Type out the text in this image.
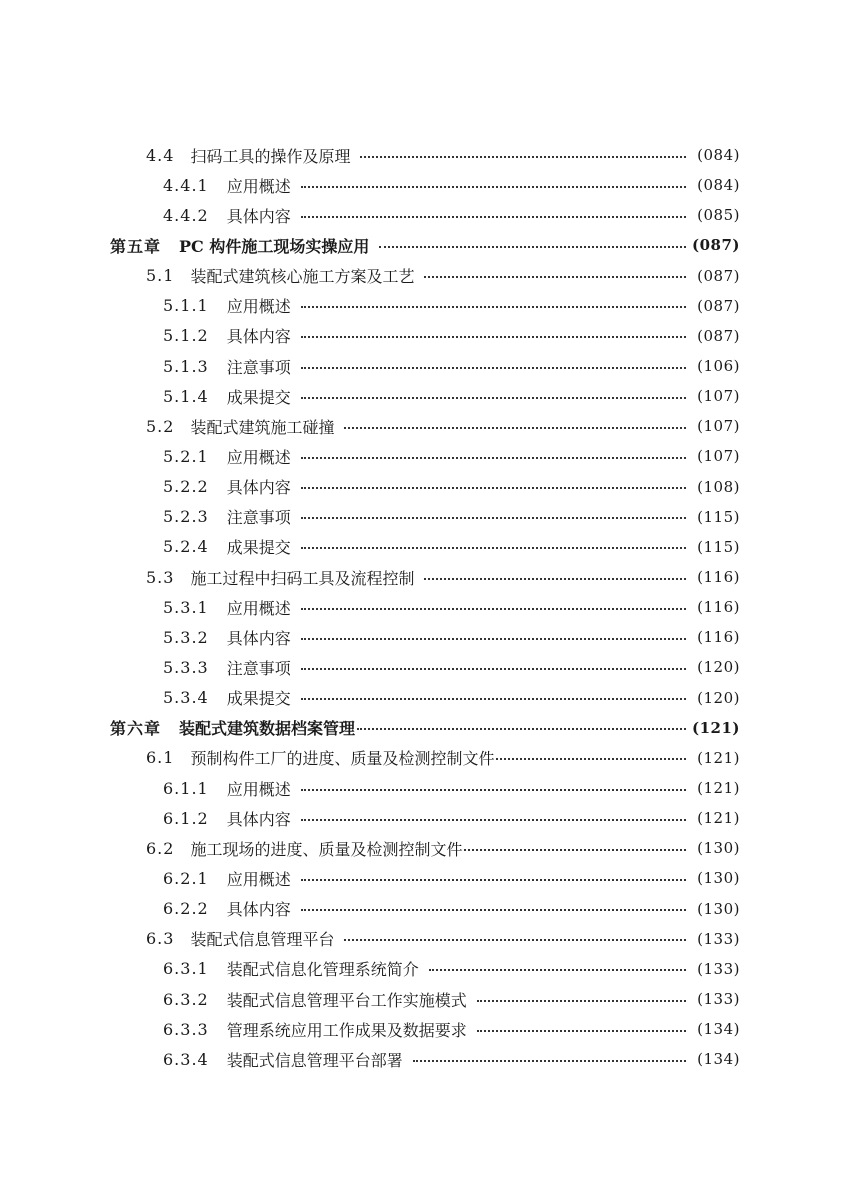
4.4 扫码工具的操作及原理	(084)
4.4.1 应用概述	(084)
4.4.2 具体内容	(085)
第五章 PC 构件施工现场实操应用	(087)
5.1 装配式建筑核心施工方案及工艺	(087)
5.1.1 应用概述	(087)
5.1.2 具体内容	(087)
5.1.3 注意事项	(106)
5.1.4 成果提交	(107)
5.2 装配式建筑施工碰撞	(107)
5.2.1 应用概述	(107)
5.2.2 具体内容	(108)
5.2.3 注意事项	(115)
5.2.4 成果提交	(115)
5.3 施工过程中扫码工具及流程控制	(116)
5.3.1 应用概述	(116)
5.3.2 具体内容	(116)
5.3.3 注意事项	(120)
5.3.4 成果提交	(120)
第六章 装配式建筑数据档案管理	(121)
6.1 预制构件工厂的进度、质量及检测控制文件	(121)
6.1.1 应用概述	(121)
6.1.2 具体内容	(121)
6.2 施工现场的进度、质量及检测控制文件	(130)
6.2.1 应用概述	(130)
6.2.2 具体内容	(130)
6.3 装配式信息管理平台	(133)
6.3.1 装配式信息化管理系统简介	(133)
6.3.2 装配式信息管理平台工作实施模式	(133)
6.3.3 管理系统应用工作成果及数据要求	(134)
6.3.4 装配式信息管理平台部署	(134)
